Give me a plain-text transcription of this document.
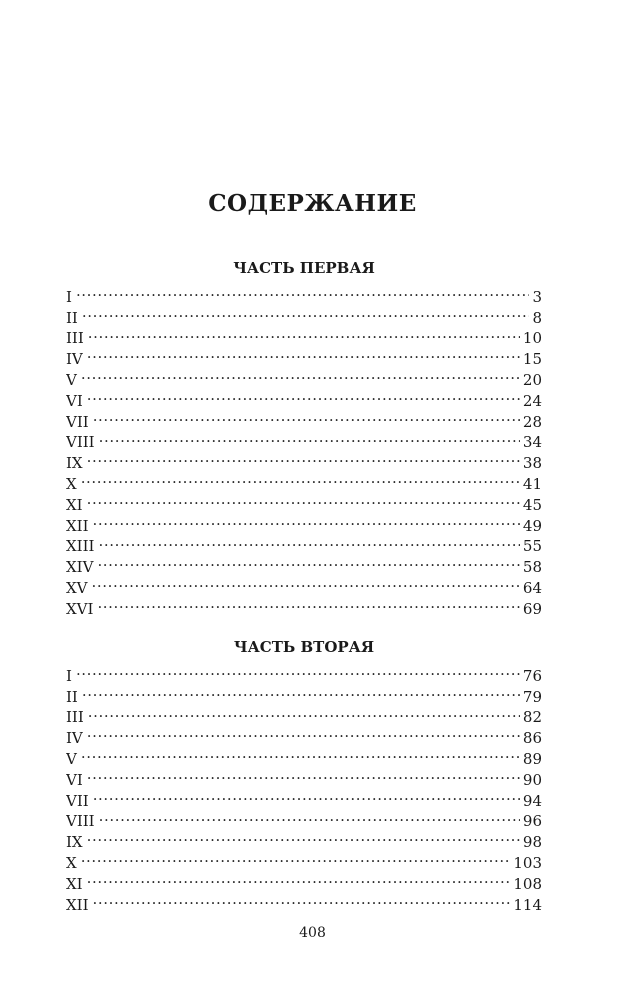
СОДЕРЖАНИЕ
ЧАСТЬ ПЕРВАЯ
I .....	3
II .....	8
III .....	10
IV .....	15
V .....	20
VI .....	24
VII .....	28
VIII .....	34
IX .....	38
X .....	41
XI .....	45
XII .....	49
XIII .....	55
XIV .....	58
XV .....	64
XVI .....	69
ЧАСТЬ ВТОРАЯ
I .....	76
II .....	79
III .....	82
IV .....	86
V .....	89
VI .....	90
VII .....	94
VIII .....	96
IX .....	98
X .....	103
XI .....	108
XII .....	114
408
